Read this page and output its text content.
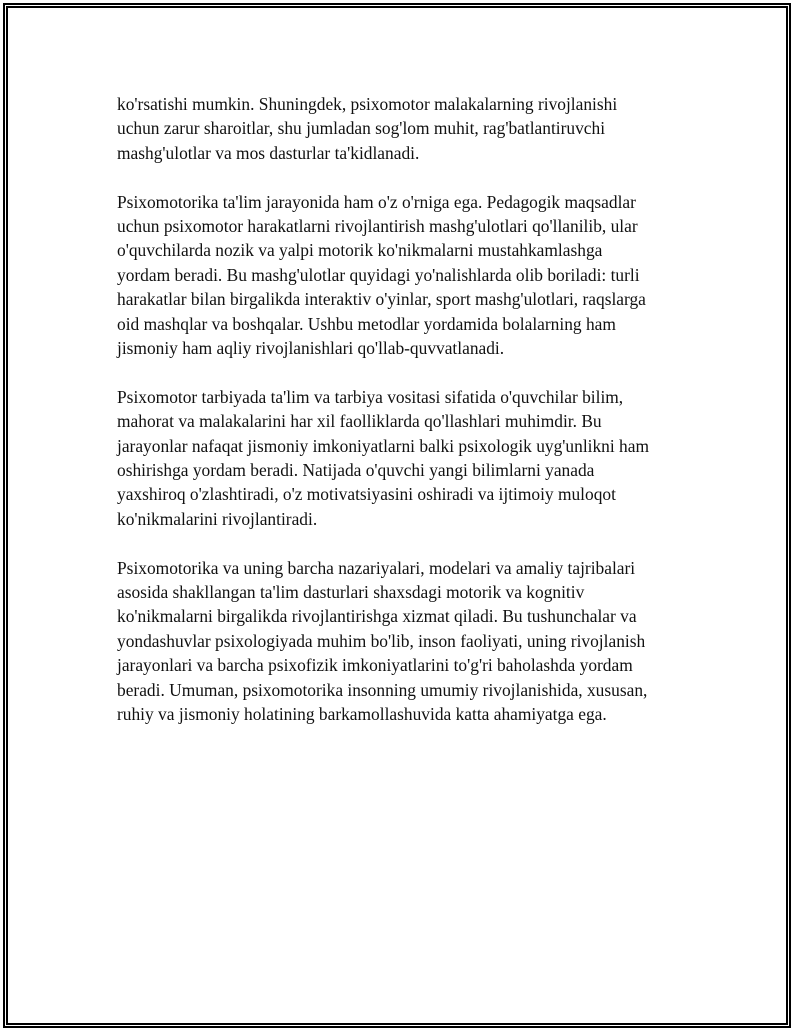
ko'rsatishi mumkin. Shuningdek, psixomotor malakalarning rivojlanishi
uchun zarur sharoitlar, shu jumladan sog'lom muhit, rag'batlantiruvchi
mashg'ulotlar va mos dasturlar ta'kidlanadi.

Psixomotorika ta'lim jarayonida ham o'z o'rniga ega. Pedagogik maqsadlar
uchun psixomotor harakatlarni rivojlantirish mashg'ulotlari qo'llanilib, ular
o'quvchilarda nozik va yalpi motorik ko'nikmalarni mustahkamlashga
yordam beradi. Bu mashg'ulotlar quyidagi yo'nalishlarda olib boriladi: turli
harakatlar bilan birgalikda interaktiv o'yinlar, sport mashg'ulotlari, raqslarga
oid mashqlar va boshqalar. Ushbu metodlar yordamida bolalarning ham
jismoniy ham aqliy rivojlanishlari qo'llab-quvvatlanadi.

Psixomotor tarbiyada ta'lim va tarbiya vositasi sifatida o'quvchilar bilim,
mahorat va malakalarini har xil faolliklarda qo'llashlari muhimdir. Bu
jarayonlar nafaqat jismoniy imkoniyatlarni balki psixologik uyg'unlikni ham
oshirishga yordam beradi. Natijada o'quvchi yangi bilimlarni yanada
yaxshiroq o'zlashtiradi, o'z motivatsiyasini oshiradi va ijtimoiy muloqot
ko'nikmalarini rivojlantiradi.

Psixomotorika va uning barcha nazariyalari, modelari va amaliy tajribalari
asosida shakllangan ta'lim dasturlari shaxsdagi motorik va kognitiv
ko'nikmalarni birgalikda rivojlantirishga xizmat qiladi. Bu tushunchalar va
yondashuvlar psixologiyada muhim bo'lib, inson faoliyati, uning rivojlanish
jarayonlari va barcha psixofizik imkoniyatlarini to'g'ri baholashda yordam
beradi. Umuman, psixomotorika insonning umumiy rivojlanishida, xususan,
ruhiy va jismoniy holatining barkamollashuvida katta ahamiyatga ega.
